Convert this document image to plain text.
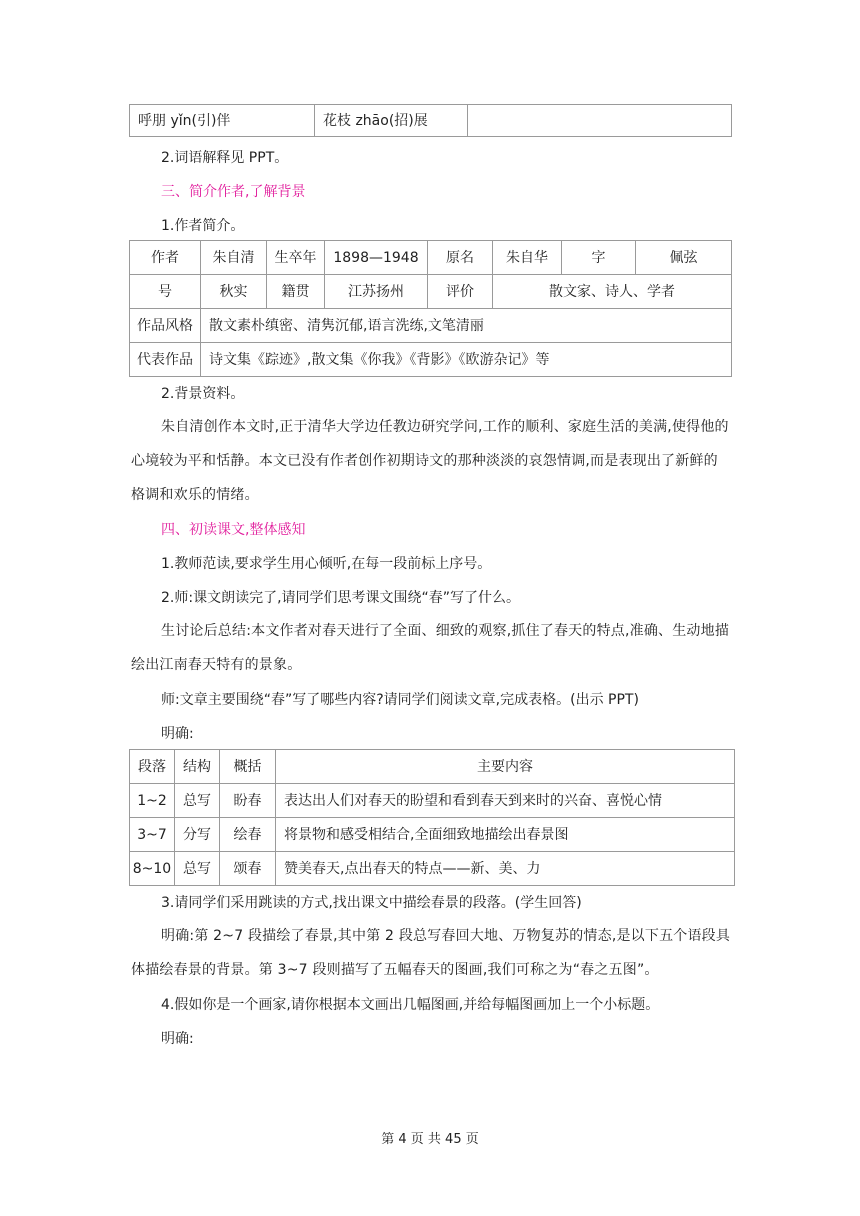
呼朋 yǐn(引)伴	花枝 zhāo(招)展	
2.词语解释见 PPT。
三、简介作者,了解背景
1.作者简介。
作者	朱自清	生卒年	1898—1948	原名	朱自华	字	佩弦
号	秋实	籍贯	江苏扬州	评价	散文家、诗人、学者		
作品风格	散文素朴缜密、清隽沉郁,语言洗练,文笔清丽						
代表作品	诗文集《踪迹》,散文集《你我》《背影》《欧游杂记》等						
2.背景资料。
朱自清创作本文时,正于清华大学边任教边研究学问,工作的顺利、家庭生活的美满,使得他的心境较为平和恬静。本文已没有作者创作初期诗文的那种淡淡的哀怨情调,而是表现出了新鲜的格调和欢乐的情绪。
四、初读课文,整体感知
1.教师范读,要求学生用心倾听,在每一段前标上序号。
2.师:课文朗读完了,请同学们思考课文围绕“春”写了什么。
生讨论后总结:本文作者对春天进行了全面、细致的观察,抓住了春天的特点,准确、生动地描绘出江南春天特有的景象。
师:文章主要围绕“春”写了哪些内容?请同学们阅读文章,完成表格。(出示 PPT)
明确:
段落	结构	概括	主要内容
1~2	总写	盼春	表达出人们对春天的盼望和看到春天到来时的兴奋、喜悦心情
3~7	分写	绘春	将景物和感受相结合,全面细致地描绘出春景图
8~10	总写	颂春	赞美春天,点出春天的特点——新、美、力
3.请同学们采用跳读的方式,找出课文中描绘春景的段落。(学生回答)
明确:第 2~7 段描绘了春景,其中第 2 段总写春回大地、万物复苏的情态,是以下五个语段具体描绘春景的背景。第 3~7 段则描写了五幅春天的图画,我们可称之为“春之五图”。
4.假如你是一个画家,请你根据本文画出几幅图画,并给每幅图画加上一个小标题。
明确:
第 4 页 共 45 页
